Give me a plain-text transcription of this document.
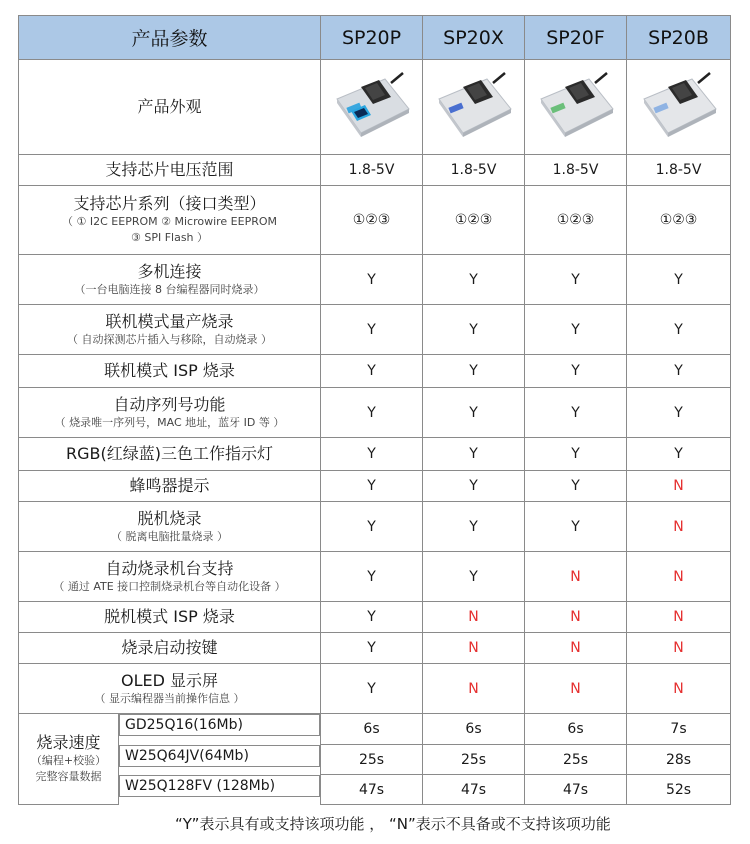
产品参数	SP20P	SP20X	SP20F	SP20B

产品外观

支持芯片电压范围	1.8-5V	1.8-5V	1.8-5V	1.8-5V

支持芯片系列（接口类型）
（ ① I2C EEPROM ② Microwire EEPROM
③ SPI Flash ）	①②③	①②③	①②③	①②③

多机连接
（一台电脑连接 8 台编程器同时烧录）	Y	Y	Y	Y

联机模式量产烧录
（ 自动探测芯片插入与移除，自动烧录 ）	Y	Y	Y	Y

联机模式 ISP 烧录	Y	Y	Y	Y

自动序列号功能
（ 烧录唯一序列号，MAC 地址，蓝牙 ID 等 ）	Y	Y	Y	Y

RGB(红绿蓝)三色工作指示灯	Y	Y	Y	Y

蜂鸣器提示	Y	Y	Y	N

脱机烧录
（ 脱离电脑批量烧录 ）	Y	Y	Y	N

自动烧录机台支持
（ 通过 ATE 接口控制烧录机台等自动化设备 ）	Y	Y	N	N

脱机模式 ISP 烧录	Y	N	N	N

烧录启动按键	Y	N	N	N

OLED 显示屏
（ 显示编程器当前操作信息 ）	Y	N	N	N

烧录速度
（编程+校验）
完整容量数据

GD25Q16(16Mb)	6s	6s	6s	7s

W25Q64JV(64Mb)	25s	25s	25s	28s

W25Q128FV (128Mb)	47s	47s	47s	52s
“Y”表示具有或支持该项功能 ， “N”表示不具备或不支持该项功能
